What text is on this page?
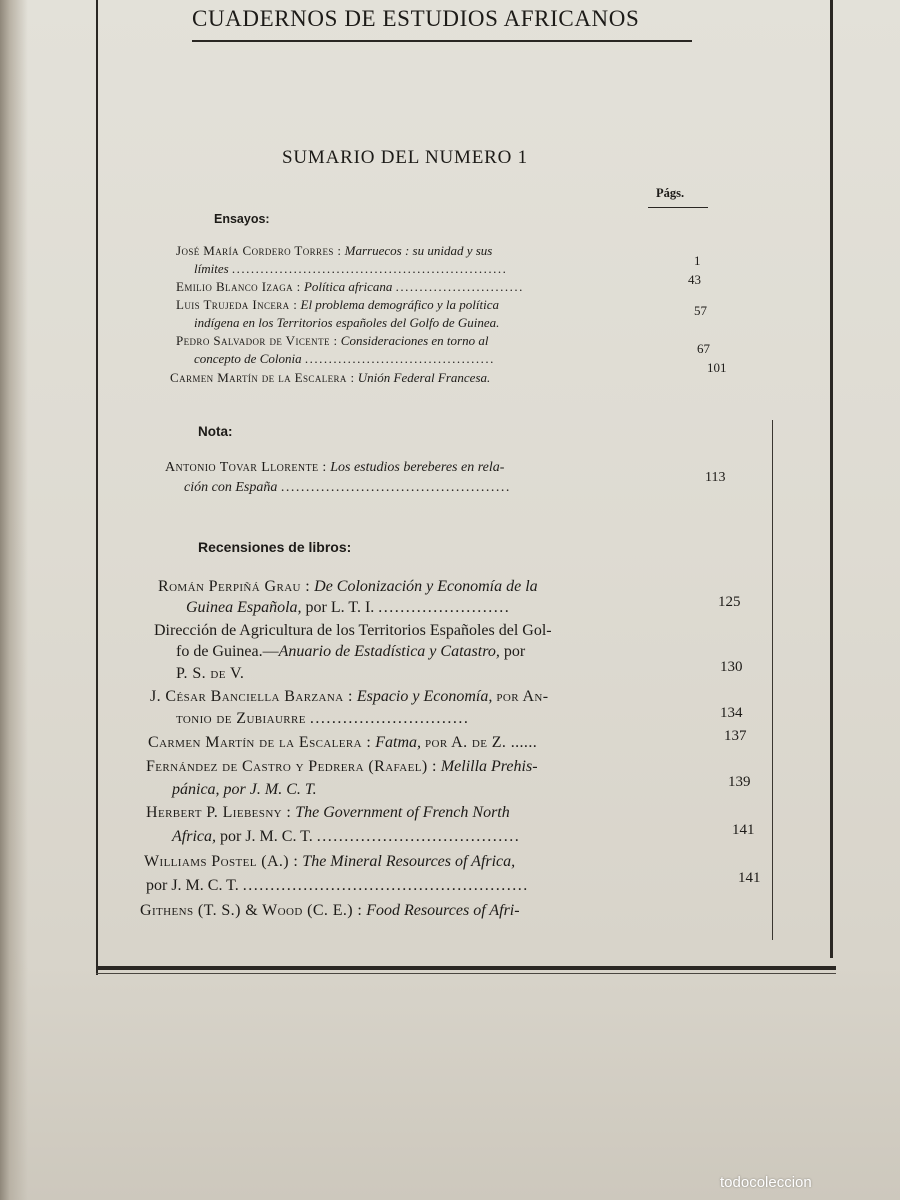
CUADERNOS DE ESTUDIOS AFRICANOS
SUMARIO DEL NUMERO 1
Págs.
Ensayos:
José María Cordero Torres : Marruecos : su unidad y sus
límites ..........................................................
1
Emilio Blanco Izaga : Política africana ...........................	43
Luis Trujeda Incera : El problema demográfico y la política
indígena en los Territorios españoles del Golfo de Guinea.
57
Pedro Salvador de Vicente : Consideraciones en torno al
concepto de Colonia ........................................
67
Carmen Martín de la Escalera : Unión Federal Francesa.
101
Nota:
Antonio Tovar Llorente : Los estudios bereberes en rela-
ción con España ..............................................
113
Recensiones de libros:
Román Perpiñá Grau : De Colonización y Economía de la
Guinea Española, por L. T. I. ........................	125
Dirección de Agricultura de los Territorios Españoles del Gol-
fo de Guinea.—Anuario de Estadística y Catastro, por
P. S. de V.	130
J. César Banciella Barzana : Espacio y Economía, por An-
tonio de Zubiaurre .............................	134
Carmen Martín de la Escalera : Fatma, por A. de Z. ......	137
Fernández de Castro y Pedrera (Rafael) : Melilla Prehis-
pánica, por J. M. C. T.	139
Herbert P. Liebesny : The Government of French North
Africa, por J. M. C. T. .....................................	141
Williams Postel (A.) : The Mineral Resources of Africa,
por J. M. C. T. ....................................................	141
Githens (T. S.) & Wood (C. E.) : Food Resources of Afri-
todocoleccion
